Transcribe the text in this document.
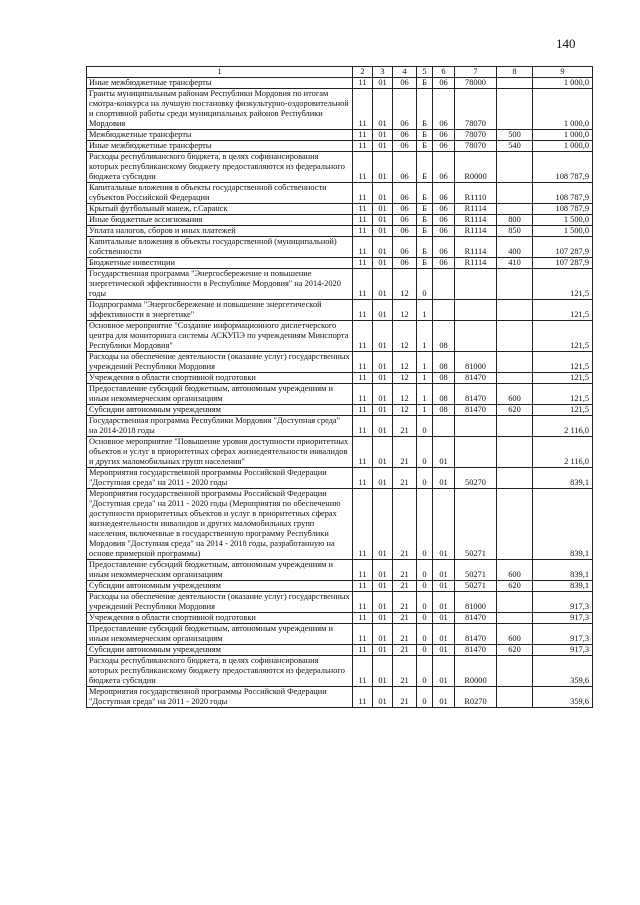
140
1	2	3	4	5	6	7	8	9
Иные межбюджетные трансферты	11	01	06	Б	06	78000		1 000,0
Гранты муниципальным районам Республики Мордовия по итогам смотра-конкурса на лучшую постановку физкультурно-оздоровительной и спортивной работы среди муниципальных районов Республики Мордовия	11	01	06	Б	06	78070		1 000,0
Межбюджетные трансферты	11	01	06	Б	06	78070	500	1 000,0
Иные межбюджетные трансферты	11	01	06	Б	06	78070	540	1 000,0
Расходы республиканского бюджета, в целях софинансирования которых республиканскому бюджету предоставляются из федерального бюджета субсидии	11	01	06	Б	06	R0000		108 787,9
Капитальные вложения в объекты государственной собственности субъектов Российской Федерации	11	01	06	Б	06	R1110		108 787,9
Крытый футбольный манеж, г.Саранск	11	01	06	Б	06	R1114		108 787,9
Иные бюджетные ассигнования	11	01	06	Б	06	R1114	800	1 500,0
Уплата налогов, сборов и иных платежей	11	01	06	Б	06	R1114	850	1 500,0
Капитальные вложения в объекты государственной (муниципальной) собственности	11	01	06	Б	06	R1114	400	107 287,9
Бюджетные инвестиции	11	01	06	Б	06	R1114	410	107 287,9
Государственная программа "Энергосбережение и повышение энергетической эффективности в Республике Мордовия" на 2014-2020 годы	11	01	12	0				121,5
Подпрограмма "Энергосбережение и повышение энергетической эффективности в энергетике"	11	01	12	1				121,5
Основное мероприятие "Создание информационного диспетчерского центра для мониторинга системы АСКУПЭ по учреждениям Минспорта Республики Мордовия"	11	01	12	1	08			121,5
Расходы на обеспечение деятельности (оказание услуг) государственных учреждений Республики Мордовия	11	01	12	1	08	81000		121,5
Учреждения в области спортивной подготовки	11	01	12	1	08	81470		121,5
Предоставление субсидий бюджетным, автономным учреждениям и иным некоммерческим организациям	11	01	12	1	08	81470	600	121,5
Субсидии автономным учреждениям	11	01	12	1	08	81470	620	121,5
Государственная программа Республики Мордовия "Доступная среда" на 2014-2018 годы	11	01	21	0				2 116,0
Основное мероприятие "Повышение уровня доступности приоритетных объектов и услуг в приоритетных сферах жизнедеятельности инвалидов и других маломобильных групп населения"	11	01	21	0	01			2 116,0
Мероприятия государственной программы Российской Федерации "Доступная среда" на 2011 - 2020 годы	11	01	21	0	01	50270		839,1
Мероприятия государственной программы Российской Федерации "Доступная среда" на 2011 - 2020 годы (Мероприятия по обеспечению доступности приоритетных объектов и услуг в приоритетных сферах жизнедеятельности инвалидов и других маломобильных групп населения, включенные в государственную программу Республики Мордовия "Доступная среда" на 2014 - 2018 годы, разработанную на основе примерной программы)	11	01	21	0	01	50271		839,1
Предоставление субсидий бюджетным, автономным учреждениям и иным некоммерческим организациям	11	01	21	0	01	50271	600	839,1
Субсидии автономным учреждениям	11	01	21	0	01	50271	620	839,1
Расходы на обеспечение деятельности (оказание услуг) государственных учреждений Республики Мордовия	11	01	21	0	01	81000		917,3
Учреждения в области спортивной подготовки	11	01	21	0	01	81470		917,3
Предоставление субсидий бюджетным, автономным учреждениям и иным некоммерческим организациям	11	01	21	0	01	81470	600	917,3
Субсидии автономным учреждениям	11	01	21	0	01	81470	620	917,3
Расходы республиканского бюджета, в целях софинансирования которых республиканскому бюджету предоставляются из федерального бюджета субсидии	11	01	21	0	01	R0000		359,6
Мероприятия государственной программы Российской Федерации "Доступная среда" на 2011 - 2020 годы	11	01	21	0	01	R0270		359,6
